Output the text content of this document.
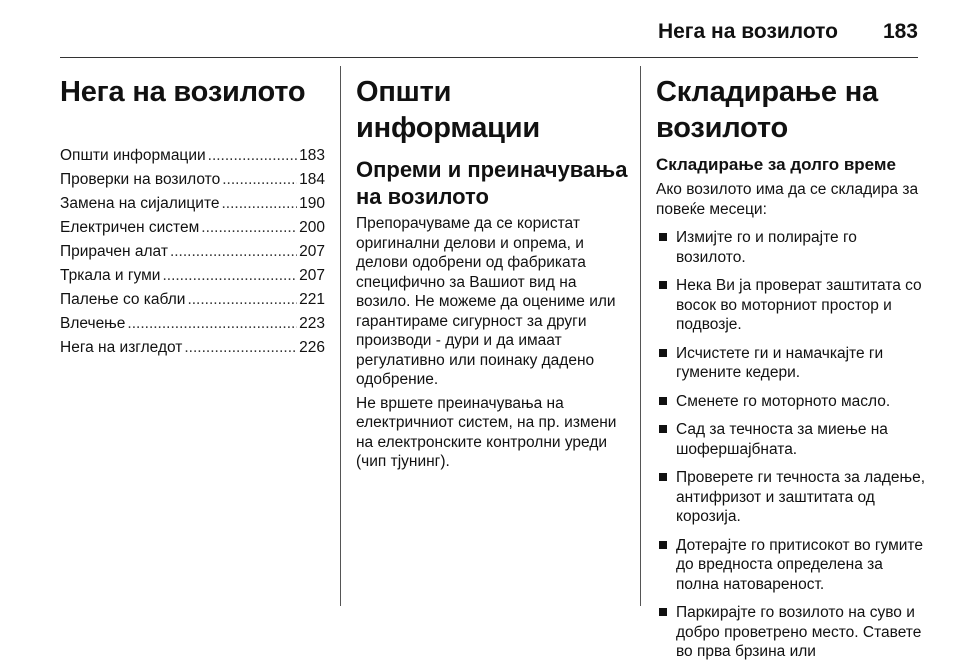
Нега на возилото 183
Нега на возилото
Општи информации .....	183
Проверки на возилото .....	184
Замена на сијалиците .....	190
Електричен систем .....	200
Прирачен алат .....	207
Тркала и гуми .....	207
Палење со кабли .....	221
Влечење .....	223
Нега на изгледот .....	226
Општи информации
Опреми и преиначувања на возилото

Препорачуваме да се користат оригинални делови и опрема, и делови одобрени од фабриката специфично за Вашиот вид на возило. Не можеме да оцениме или гарантираме сигурност за други производи - дури и да имаат регулативно или поинаку дадено одобрение.

Не вршете преиначувања на електричниот систем, на пр. измени на електронските контролни уреди (чип тјунинг).

Складирање на возилото
Складирање за долго време

Ако возилото има да се складира за повеќе месеци:

Измијте го и полирајте го возилото.
Нека Ви ја проверат заштитата со восок во моторниот простор и подвозје.
Исчистете ги и намачкајте ги гумените кедери.
Сменете го моторното масло.
Сад за течноста за миење на шофершајбната.
Проверете ги течноста за ладење, антифризот и заштитата од корозија.
Дотерајте го притисокот во гумите до вредноста определена за полна натовареност.
Паркирајте го возилото на суво и добро проветрено место. Ставете во прва брзина или
